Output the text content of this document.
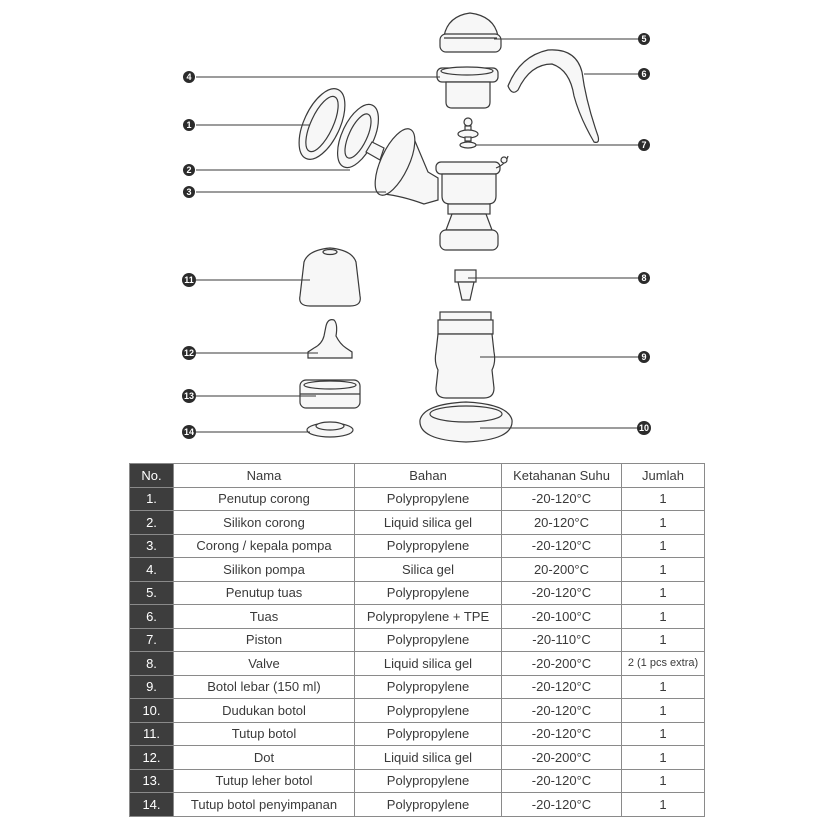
5
4	6
1
7
2
3
11	8
12	9
13
10
14
No.	Nama	Bahan	Ketahanan Suhu	Jumlah
1.	Penutup corong	Polypropylene	-20-120°C	1
2.	Silikon corong	Liquid silica gel	20-120°C	1
3.	Corong / kepala pompa	Polypropylene	-20-120°C	1
4.	Silikon pompa	Silica gel	20-200°C	1
5.	Penutup tuas	Polypropylene	-20-120°C	1
6.	Tuas	Polypropylene + TPE	-20-100°C	1
7.	Piston	Polypropylene	-20-110°C	1
8.	Valve	Liquid silica gel	-20-200°C	2 (1 pcs extra)
9.	Botol lebar (150 ml)	Polypropylene	-20-120°C	1
10.	Dudukan botol	Polypropylene	-20-120°C	1
11.	Tutup botol	Polypropylene	-20-120°C	1
12.	Dot	Liquid silica gel	-20-200°C	1
13.	Tutup leher botol	Polypropylene	-20-120°C	1
14.	Tutup botol penyimpanan	Polypropylene	-20-120°C	1
